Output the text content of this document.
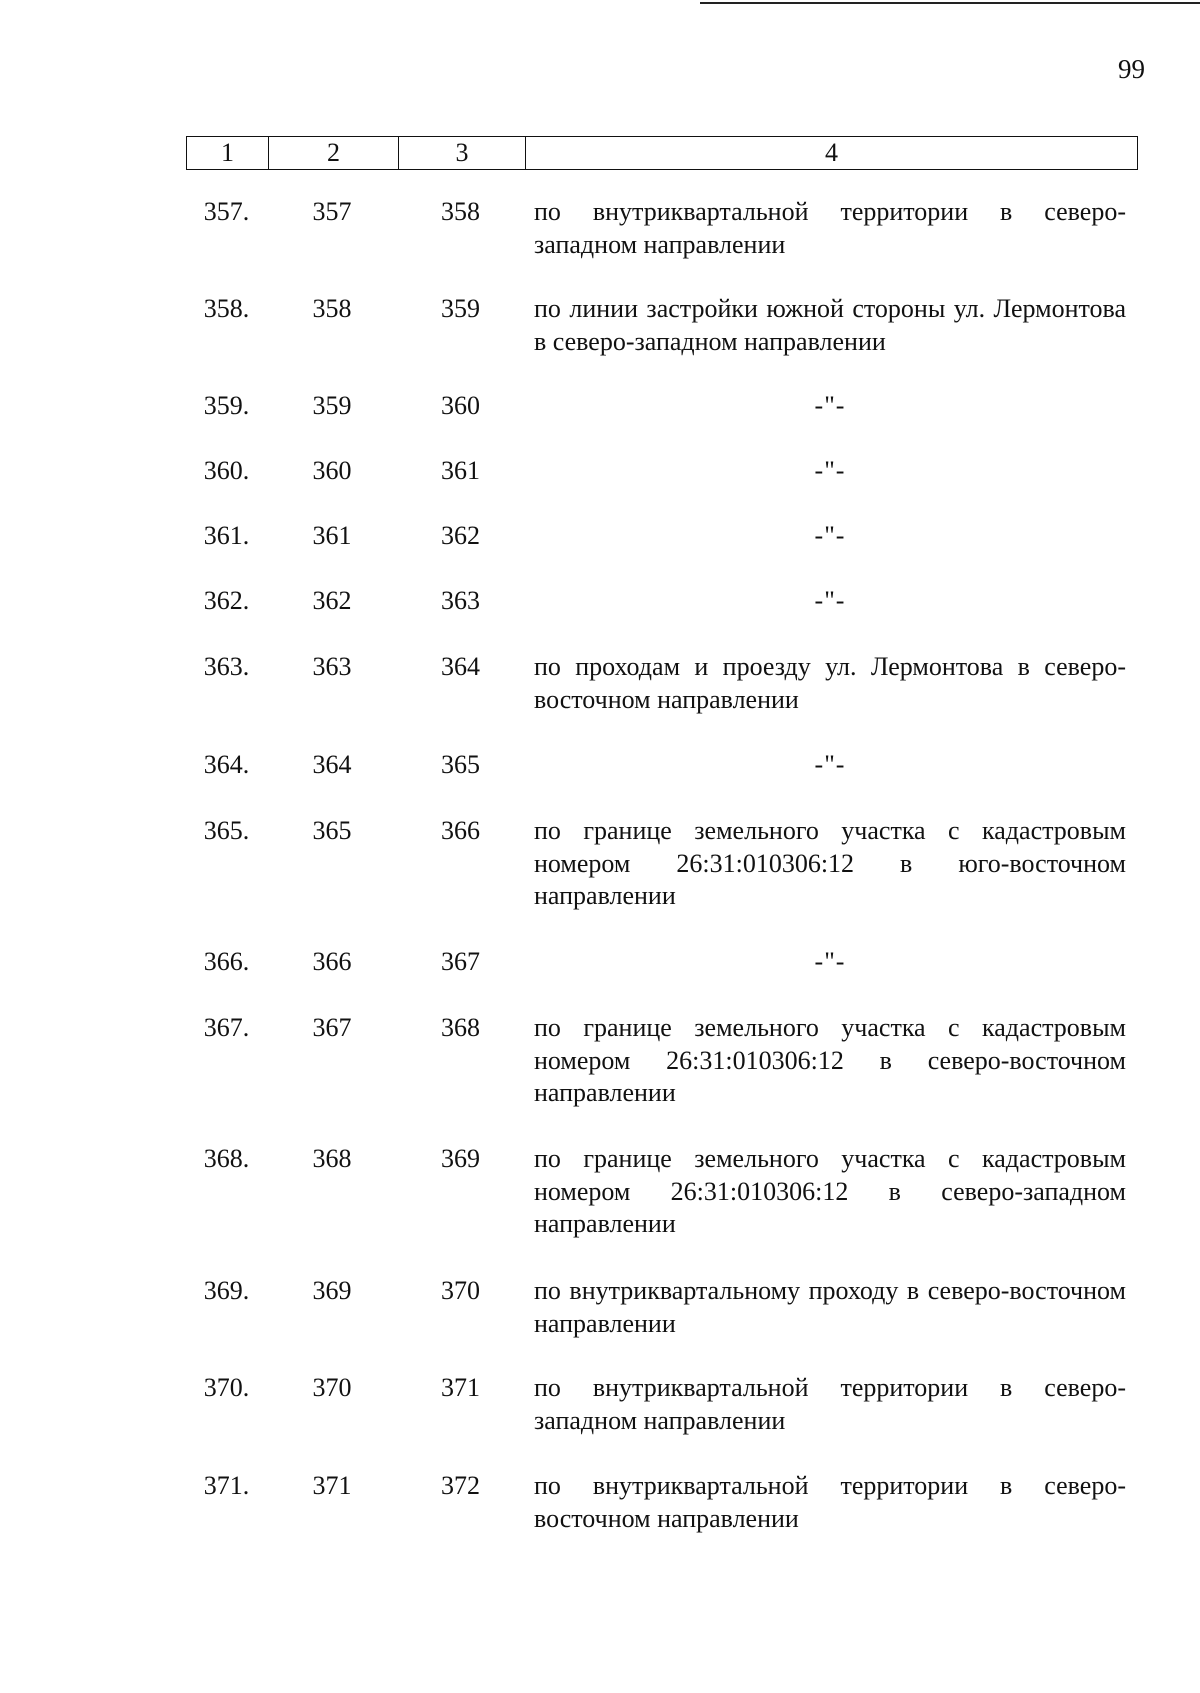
99
1	2	3	4
357.	357	358	по внутриквартальной территории в северо-западном направлении
358.	358	359	по линии застройки южной стороны ул. Лермонтова в северо-западном направлении
359.	359	360	-"-
360.	360	361	-"-
361.	361	362	-"-
362.	362	363	-"-
363.	363	364	по проходам и проезду ул. Лермонтова в северо-восточном направлении
364.	364	365	-"-
365.	365	366	по границе земельного участка с кадастровым номером 26:31:010306:12 в юго-восточном направлении
366.	366	367	-"-
367.	367	368	по границе земельного участка с кадастровым номером 26:31:010306:12 в северо-восточном направлении
368.	368	369	по границе земельного участка с кадастровым номером 26:31:010306:12 в северо-западном направлении
369.	369	370	по внутриквартальному проходу в северо-восточном направлении
370.	370	371	по внутриквартальной территории в северо-западном направлении
371.	371	372	по внутриквартальной территории в северо-восточном направлении
